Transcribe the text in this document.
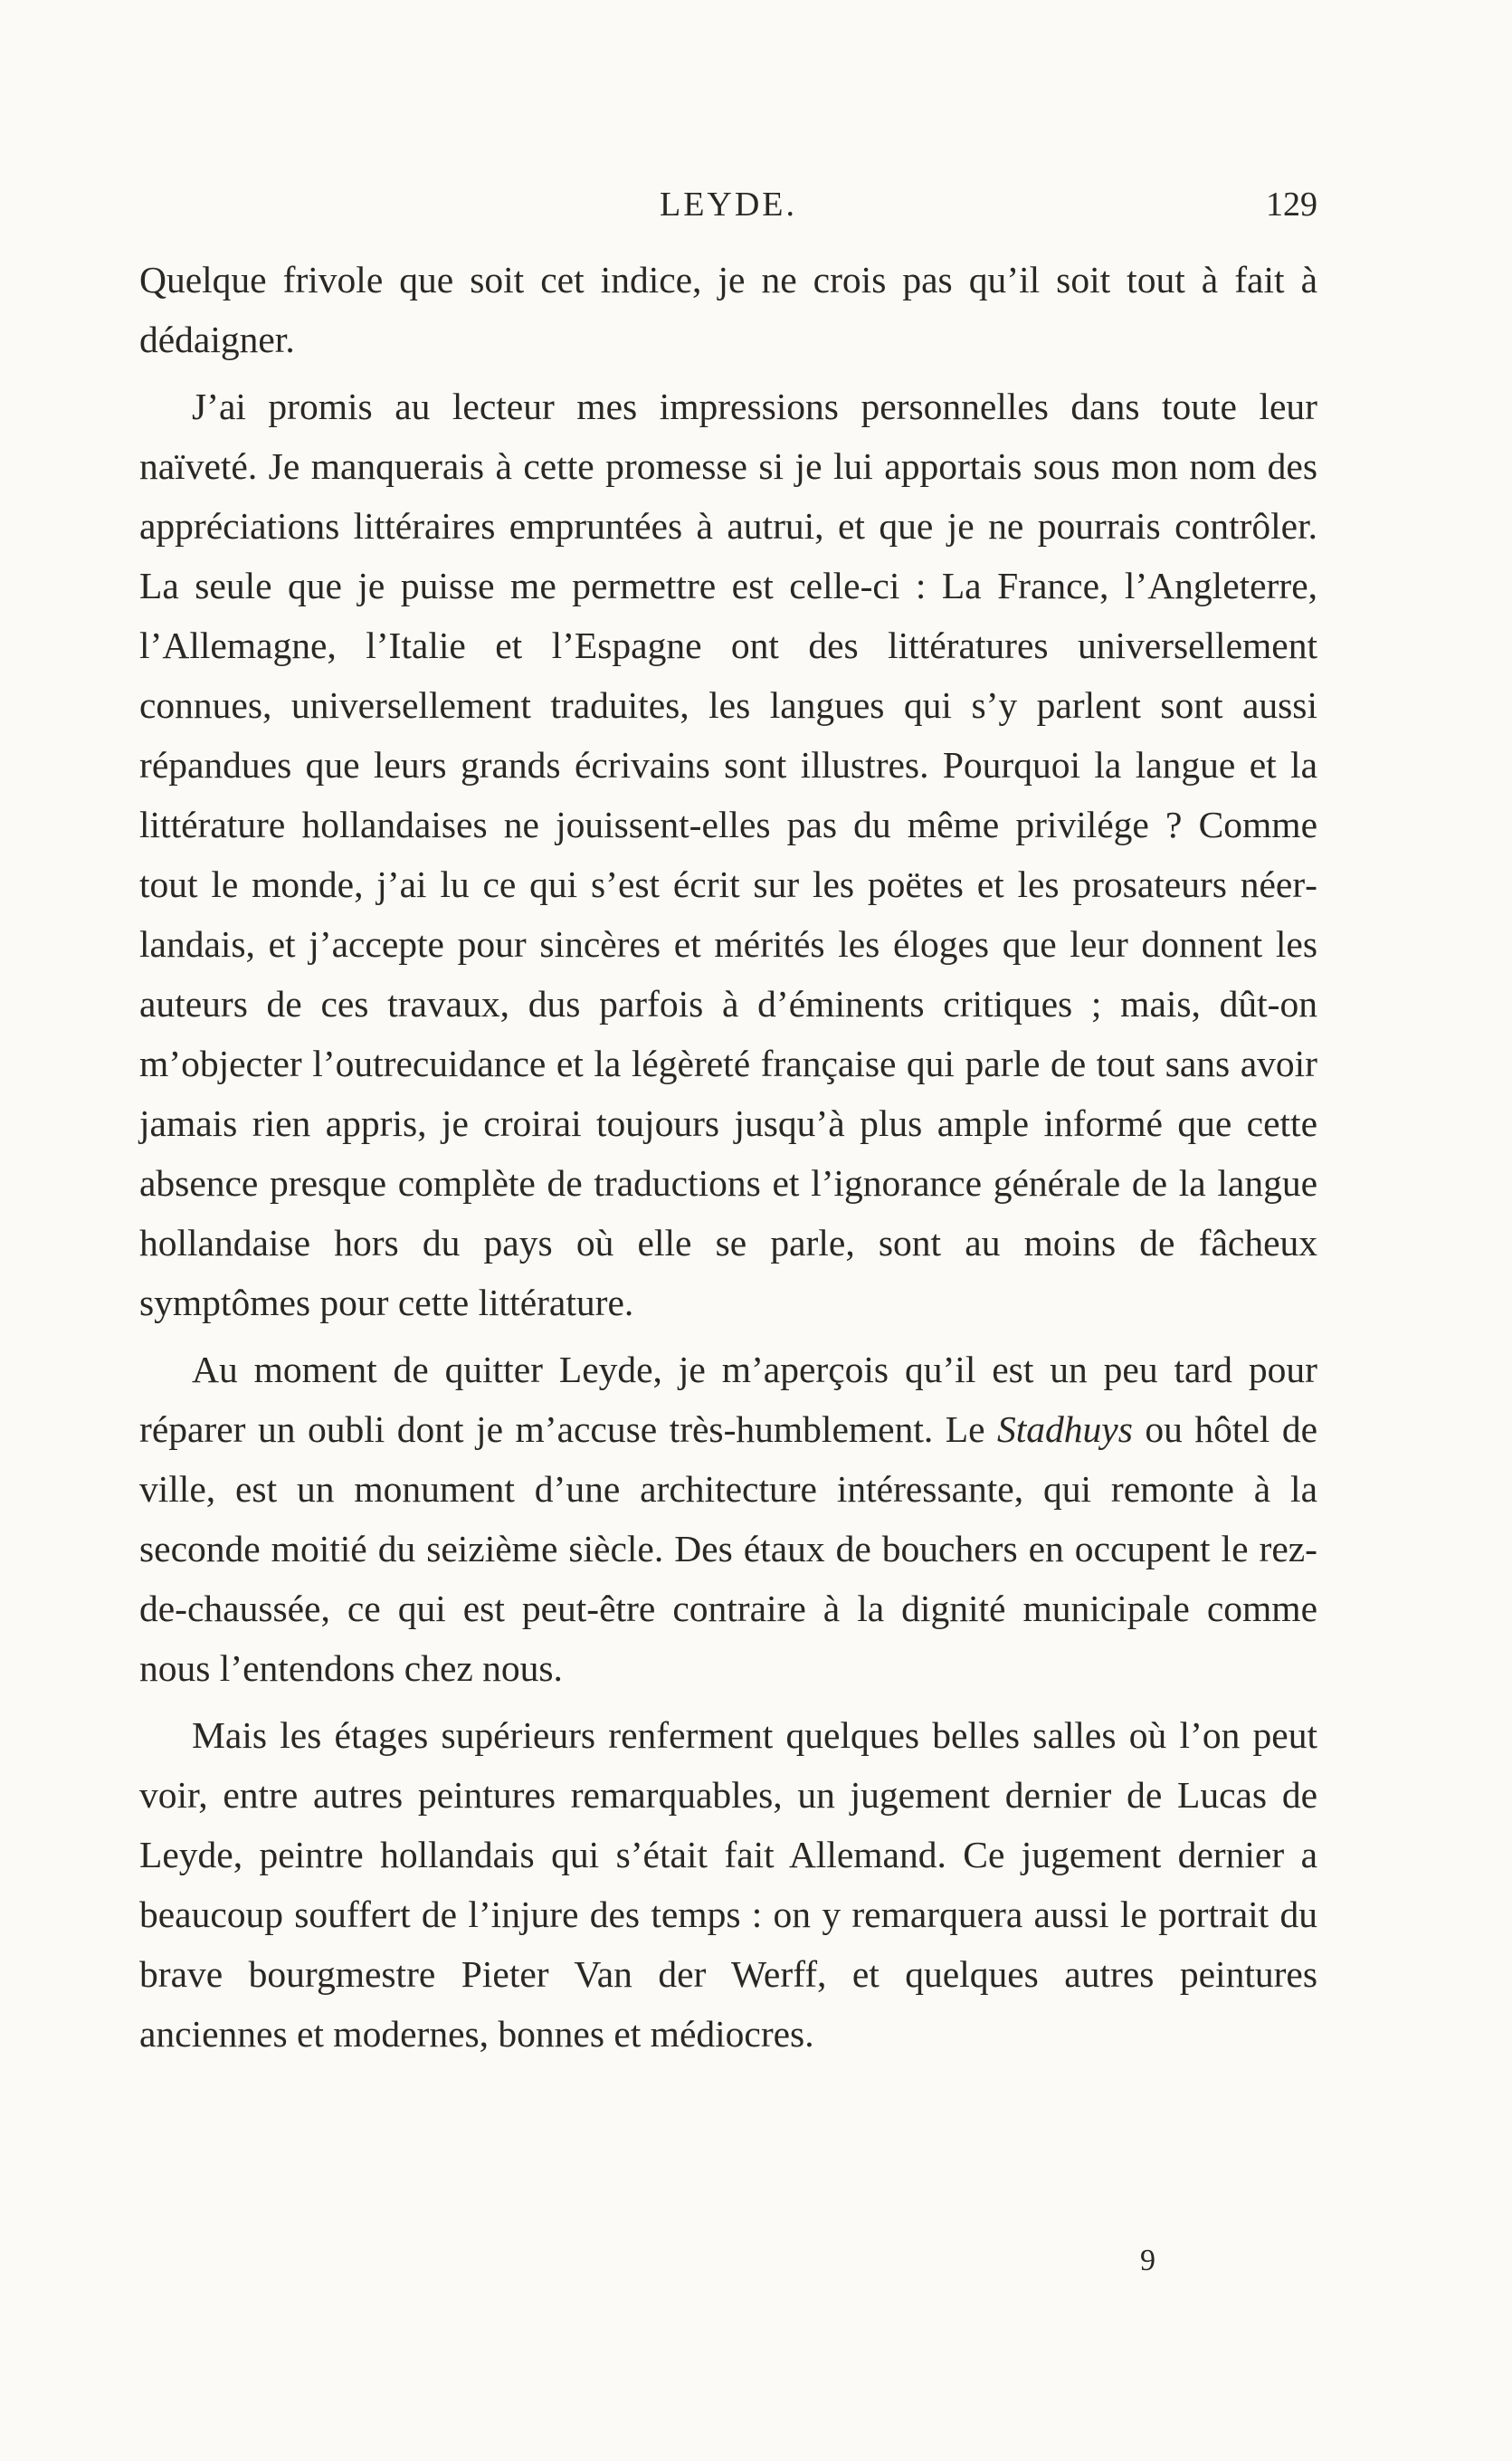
LEYDE.	129

Quelque frivole que soit cet indice, je ne crois pas qu’il soit tout à fait à dédaigner.

J’ai promis au lecteur mes impressions personnelles dans toute leur naïveté. Je manquerais à cette promesse si je lui apportais sous mon nom des appréciations littéraires empruntées à autrui, et que je ne pourrais contrôler. La seule que je puisse me permettre est celle-ci : La France, l’Angleterre, l’Allemagne, l’Italie et l’Espagne ont des littératures universellement connues, universellement traduites, les langues qui s’y parlent sont aussi répandues que leurs grands écrivains sont illustres. Pourquoi la langue et la littérature hollandaises ne jouissent-elles pas du même privilége ? Comme tout le monde, j’ai lu ce qui s’est écrit sur les poëtes et les prosateurs néerlandais, et j’accepte pour sincères et mérités les éloges que leur donnent les auteurs de ces travaux, dus parfois à d’éminents critiques ; mais, dût-on m’objecter l’outrecuidance et la légèreté française qui parle de tout sans avoir jamais rien appris, je croirai toujours jusqu’à plus ample informé que cette absence presque complète de traductions et l’ignorance générale de la langue hollandaise hors du pays où elle se parle, sont au moins de fâcheux symptômes pour cette littérature.

Au moment de quitter Leyde, je m’aperçois qu’il est un peu tard pour réparer un oubli dont je m’accuse très-humblement. Le Stadhuys ou hôtel de ville, est un monument d’une architecture intéressante, qui remonte à la seconde moitié du seizième siècle. Des étaux de bouchers en occupent le rez-de-chaussée, ce qui est peut-être contraire à la dignité municipale comme nous l’entendons chez nous.

Mais les étages supérieurs renferment quelques belles salles où l’on peut voir, entre autres peintures remarquables, un jugement dernier de Lucas de Leyde, peintre hollandais qui s’était fait Allemand. Ce jugement dernier a beaucoup souffert de l’injure des temps : on y remarquera aussi le portrait du brave bourgmestre Pieter Van der Werff, et quelques autres peintures anciennes et modernes, bonnes et médiocres.

9
